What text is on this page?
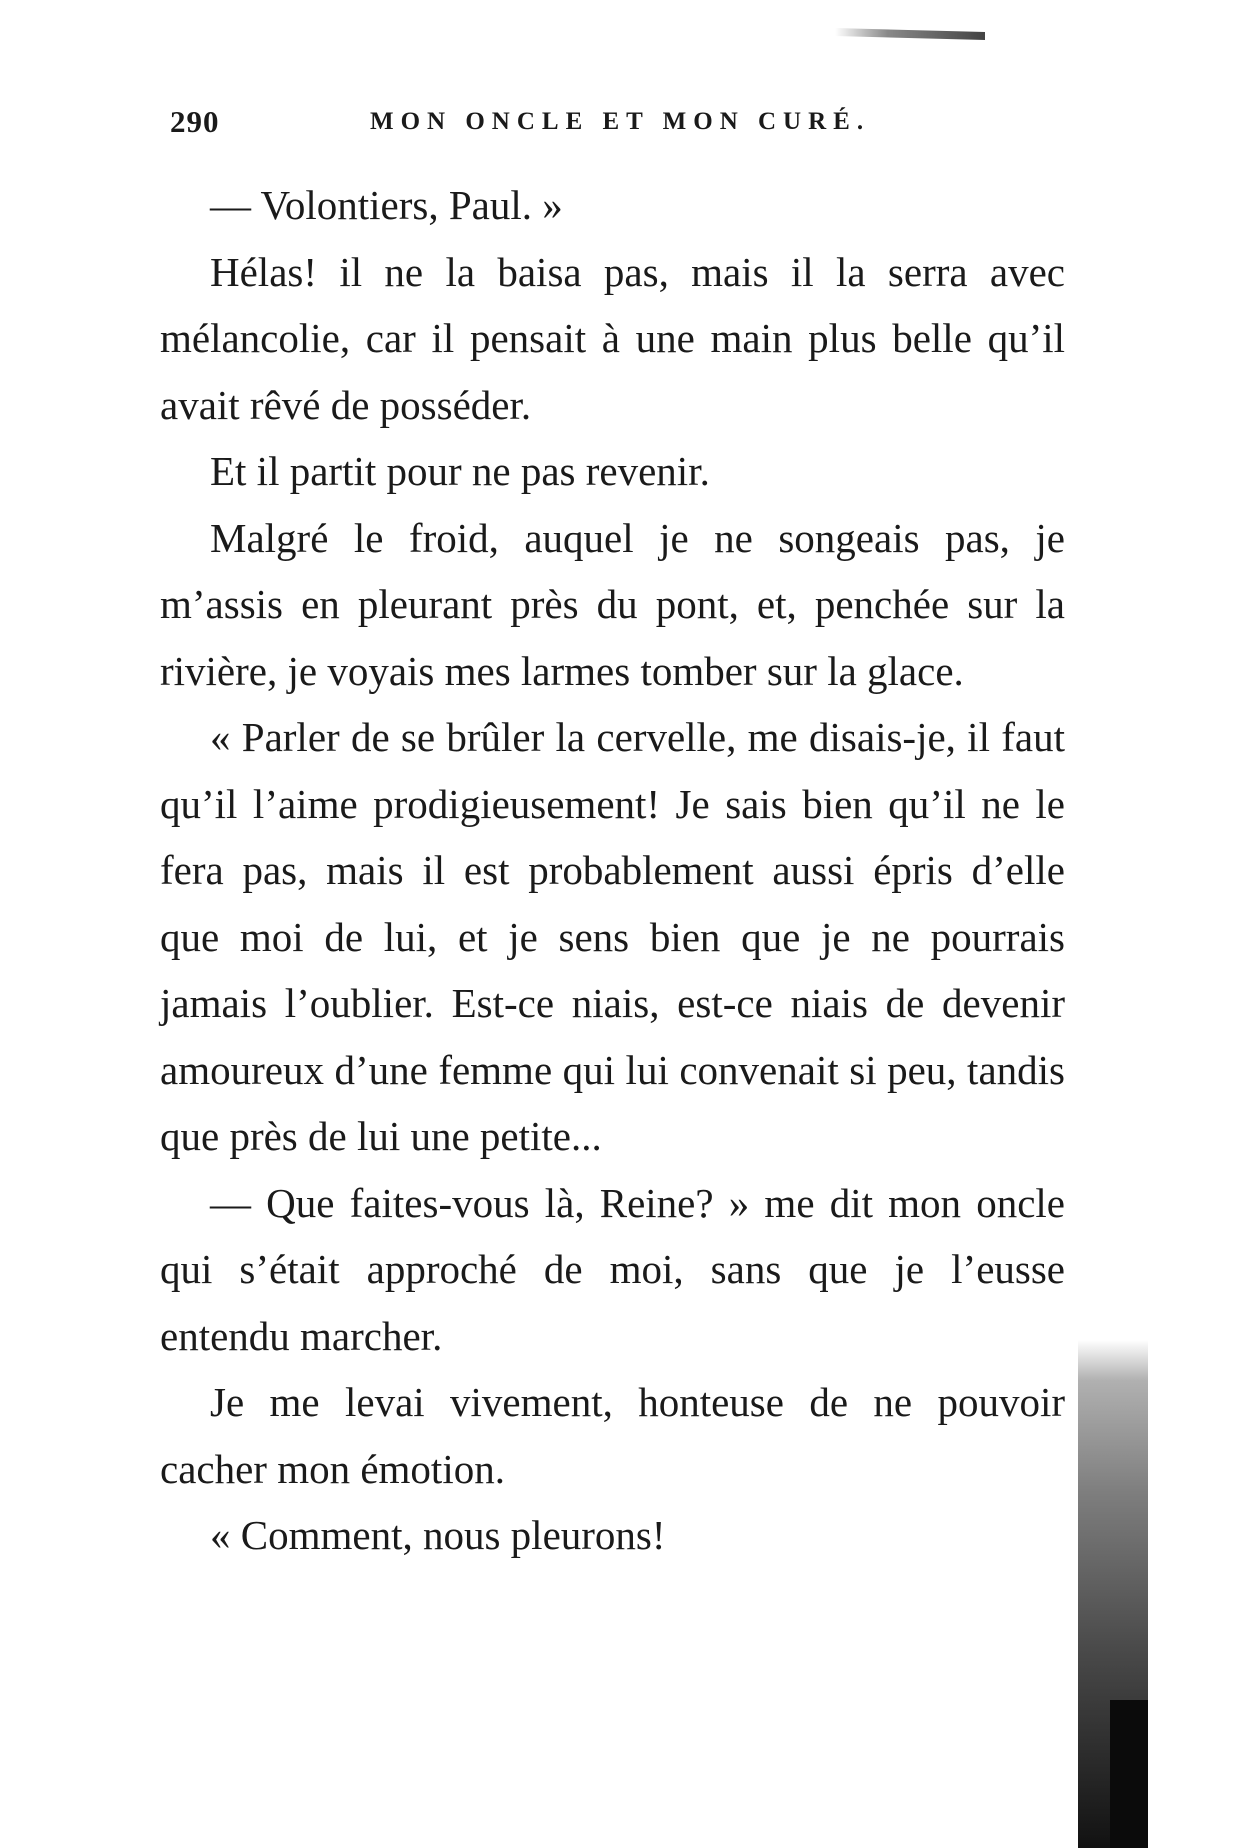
290	MON ONCLE ET MON CURÉ.

— Volontiers, Paul. »

Hélas! il ne la baisa pas, mais il la serra avec mélancolie, car il pensait à une main plus belle qu’il avait rêvé de posséder.

Et il partit pour ne pas revenir.

Malgré le froid, auquel je ne songeais pas, je m’assis en pleurant près du pont, et, penchée sur la rivière, je voyais mes larmes tomber sur la glace.

« Parler de se brûler la cervelle, me disais-je, il faut qu’il l’aime prodigieusement! Je sais bien qu’il ne le fera pas, mais il est probablement aussi épris d’elle que moi de lui, et je sens bien que je ne pourrais jamais l’oublier. Est-ce niais, est-ce niais de devenir amoureux d’une femme qui lui convenait si peu, tandis que près de lui une petite...

— Que faites-vous là, Reine? » me dit mon oncle qui s’était approché de moi, sans que je l’eusse entendu marcher.

Je me levai vivement, honteuse de ne pouvoir cacher mon émotion.

« Comment, nous pleurons!
